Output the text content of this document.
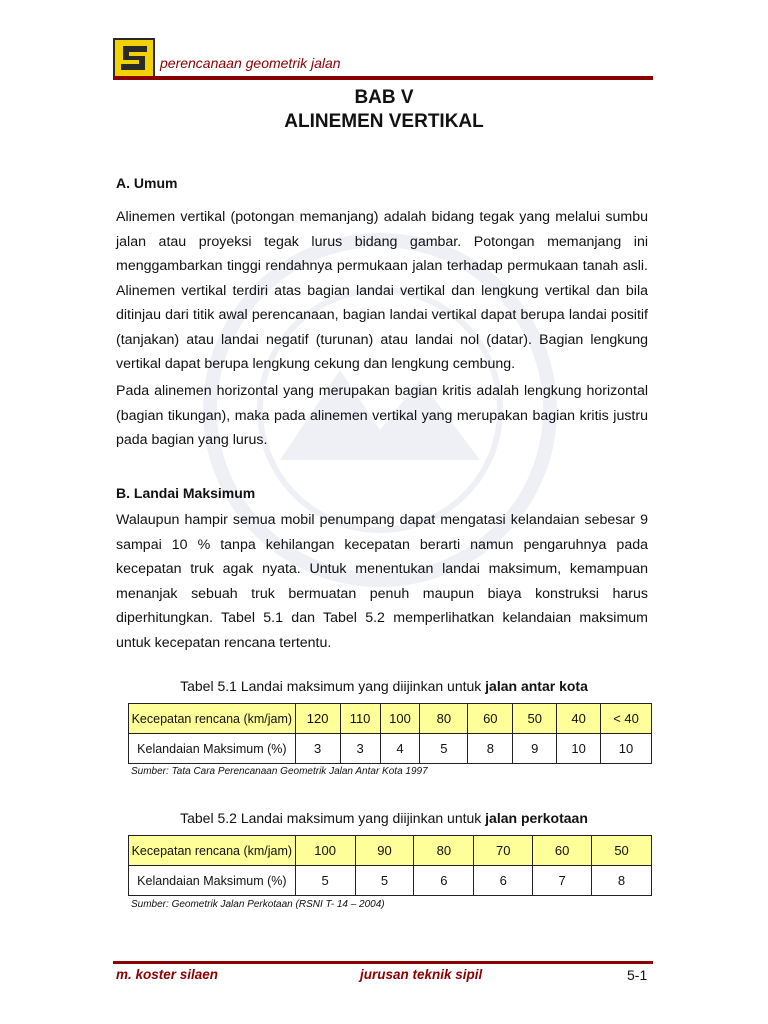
perencanaan geometrik jalan
BAB V
ALINEMEN VERTIKAL
A. Umum

Alinemen vertikal (potongan memanjang) adalah bidang tegak yang melalui sumbu jalan atau proyeksi tegak lurus bidang gambar. Potongan memanjang ini menggambarkan tinggi rendahnya permukaan jalan terhadap permukaan tanah asli. Alinemen vertikal terdiri atas bagian landai vertikal dan lengkung vertikal dan bila ditinjau dari titik awal perencanaan, bagian landai vertikal dapat berupa landai positif (tanjakan) atau landai negatif (turunan) atau landai nol (datar). Bagian lengkung vertikal dapat berupa lengkung cekung dan lengkung cembung.

Pada alinemen horizontal yang merupakan bagian kritis adalah lengkung horizontal (bagian tikungan), maka pada alinemen vertikal yang merupakan bagian kritis justru pada bagian yang lurus.

B. Landai Maksimum

Walaupun hampir semua mobil penumpang dapat mengatasi kelandaian sebesar 9 sampai 10 % tanpa kehilangan kecepatan berarti namun pengaruhnya pada kecepatan truk agak nyata. Untuk menentukan landai maksimum, kemampuan menanjak sebuah truk bermuatan penuh maupun biaya konstruksi harus diperhitungkan. Tabel 5.1 dan Tabel 5.2 memperlihatkan kelandaian maksimum untuk kecepatan rencana tertentu.

Tabel 5.1 Landai maksimum yang diijinkan untuk jalan antar kota
Kecepatan rencana (km/jam)	120	110	100	80	60	50	40	< 40
Kelandaian Maksimum (%)	3	3	4	5	8	9	10	10
Sumber: Tata Cara Perencanaan Geometrik Jalan Antar Kota 1997
Tabel 5.2 Landai maksimum yang diijinkan untuk jalan perkotaan
Kecepatan rencana (km/jam)	100	90	80	70	60	50
Kelandaian Maksimum (%)	5	5	6	6	7	8
Sumber: Geometrik Jalan Perkotaan (RSNI T- 14 – 2004)
m. koster silaen	jurusan teknik sipil	5-1
